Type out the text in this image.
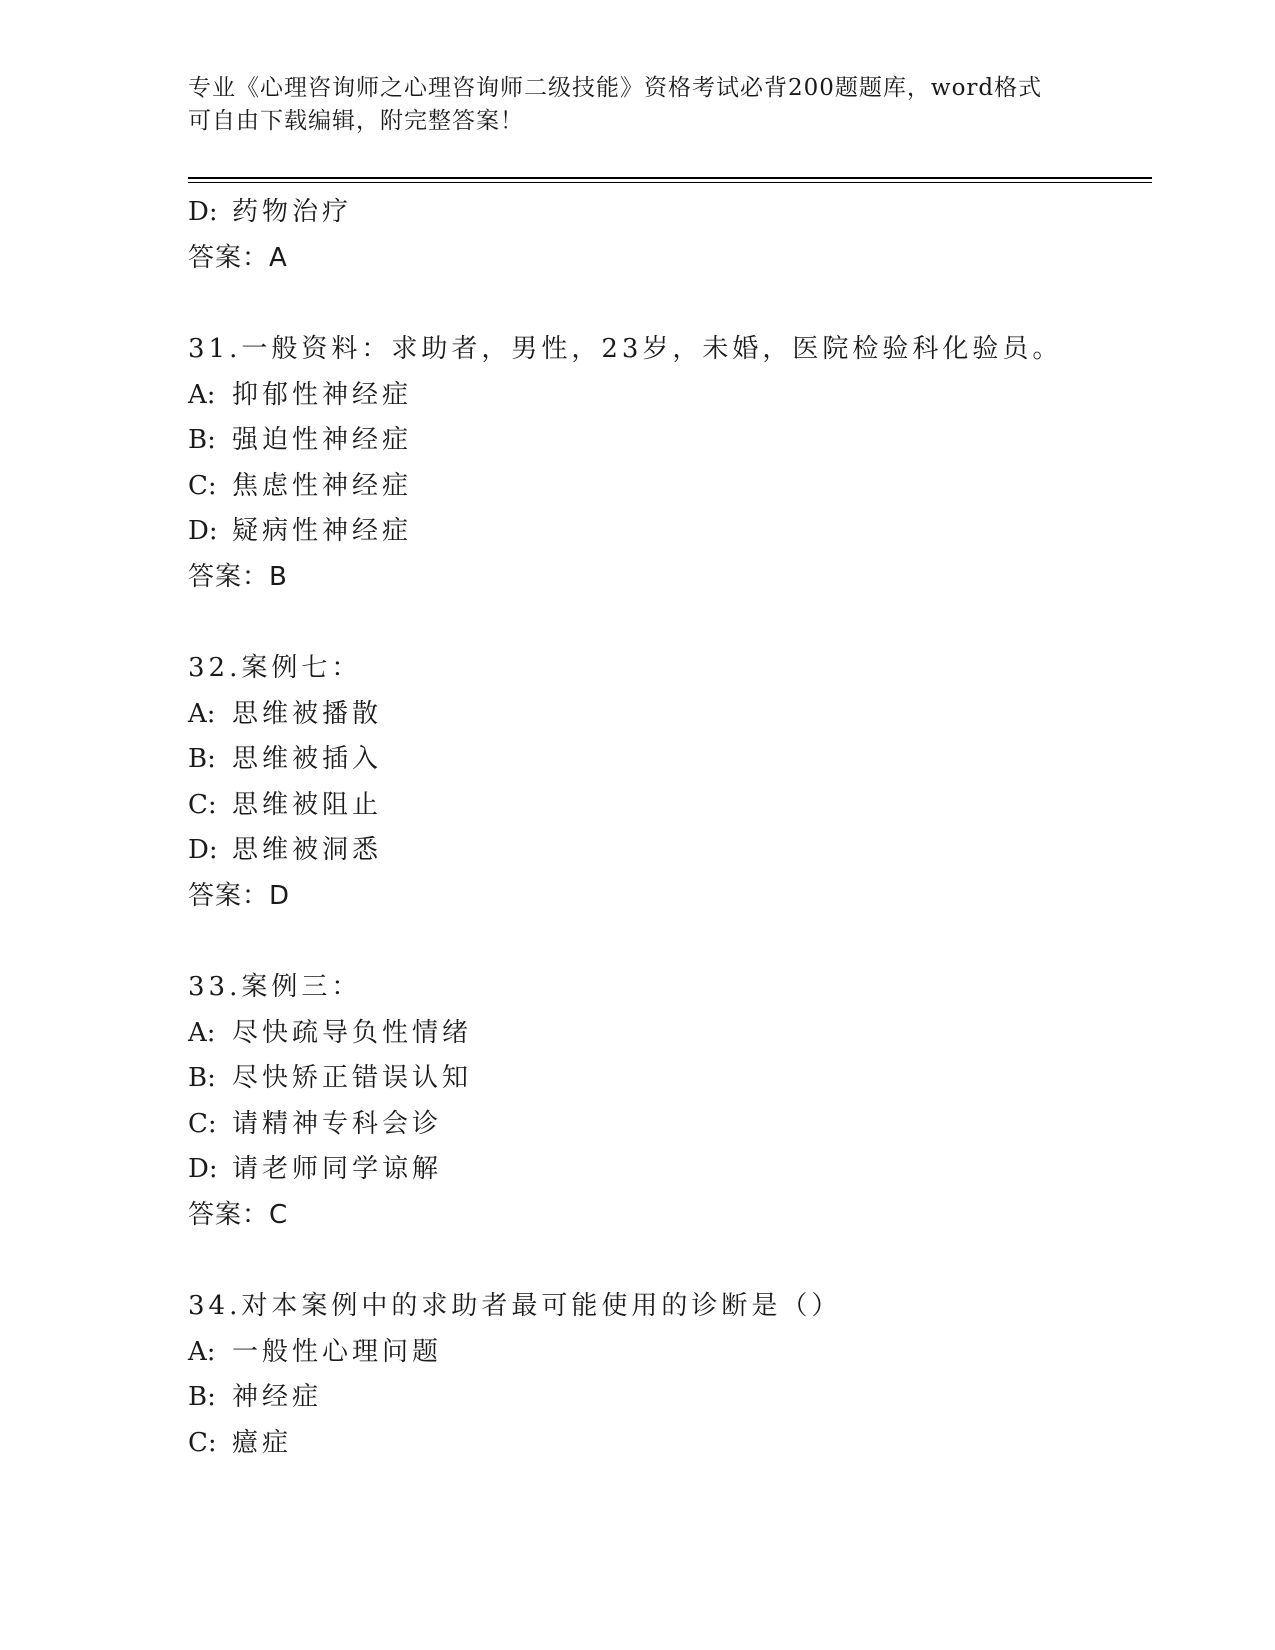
专业《心理咨询师之心理咨询师二级技能》资格考试必背200题题库，word格式
可自由下载编辑，附完整答案！
D: 药物治疗
答案：A
31.一般资料：求助者，男性，23岁，未婚，医院检验科化验员。
A: 抑郁性神经症
B: 强迫性神经症
C: 焦虑性神经症
D: 疑病性神经症
答案：B
32.案例七：
A: 思维被播散
B: 思维被插入
C: 思维被阻止
D: 思维被洞悉
答案：D
33.案例三：
A: 尽快疏导负性情绪
B: 尽快矫正错误认知
C: 请精神专科会诊
D: 请老师同学谅解
答案：C
34.对本案例中的求助者最可能使用的诊断是（）
A: 一般性心理问题
B: 神经症
C: 癔症
